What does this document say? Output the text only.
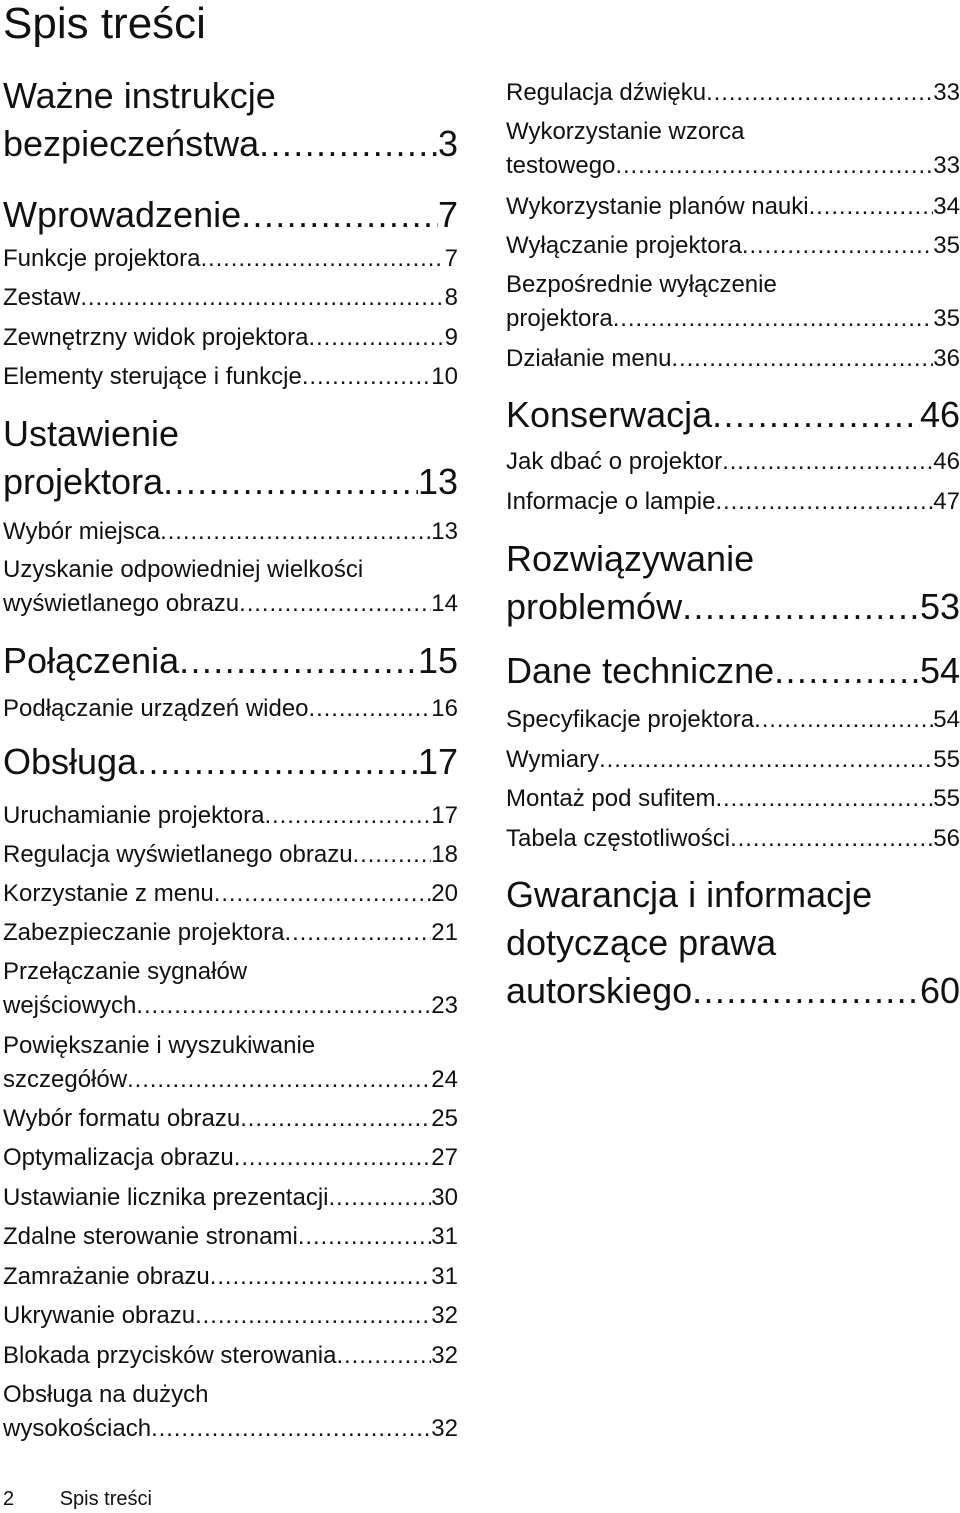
Spis treści
Ważne instrukcje
bezpieczeństwa . . .	3
Wprowadzenie . . .	7
Funkcje projektora . . .	7
Zestaw . . .	8
Zewnętrzny widok projektora . . .	9
Elementy sterujące i funkcje . . .	10
Ustawienie
projektora . . .	13
Wybór miejsca . . .	13
Uzyskanie odpowiedniej wielkości
wyświetlanego obrazu . . .	14
Połączenia . . .	15
Podłączanie urządzeń wideo . . .	16
Obsługa . . .	17
Uruchamianie projektora . . .	17
Regulacja wyświetlanego obrazu . . .	18
Korzystanie z menu . . .	20
Zabezpieczanie projektora . . .	21
Przełączanie sygnałów
wejściowych . . .	23
Powiększanie i wyszukiwanie
szczegółów . . .	24
Wybór formatu obrazu . . .	25
Optymalizacja obrazu . . .	27
Ustawianie licznika prezentacji . . .	30
Zdalne sterowanie stronami . . .	31
Zamrażanie obrazu . . .	31
Ukrywanie obrazu . . .	32
Blokada przycisków sterowania . . .	32
Obsługa na dużych
wysokościach . . .	32
Regulacja dźwięku . . .	33
Wykorzystanie wzorca
testowego . . .	33
Wykorzystanie planów nauki . . .	34
Wyłączanie projektora . . .	35
Bezpośrednie wyłączenie
projektora . . .	35
Działanie menu . . .	36
Konserwacja . . .	46
Jak dbać o projektor . . .	46
Informacje o lampie . . .	47
Rozwiązywanie
problemów . . .	53
Dane techniczne . . .	54
Specyfikacje projektora . . .	54
Wymiary . . .	55
Montaż pod sufitem . . .	55
Tabela częstotliwości . . .	56
Gwarancja i informacje
dotyczące prawa
autorskiego . . .	60
2 Spis treści
